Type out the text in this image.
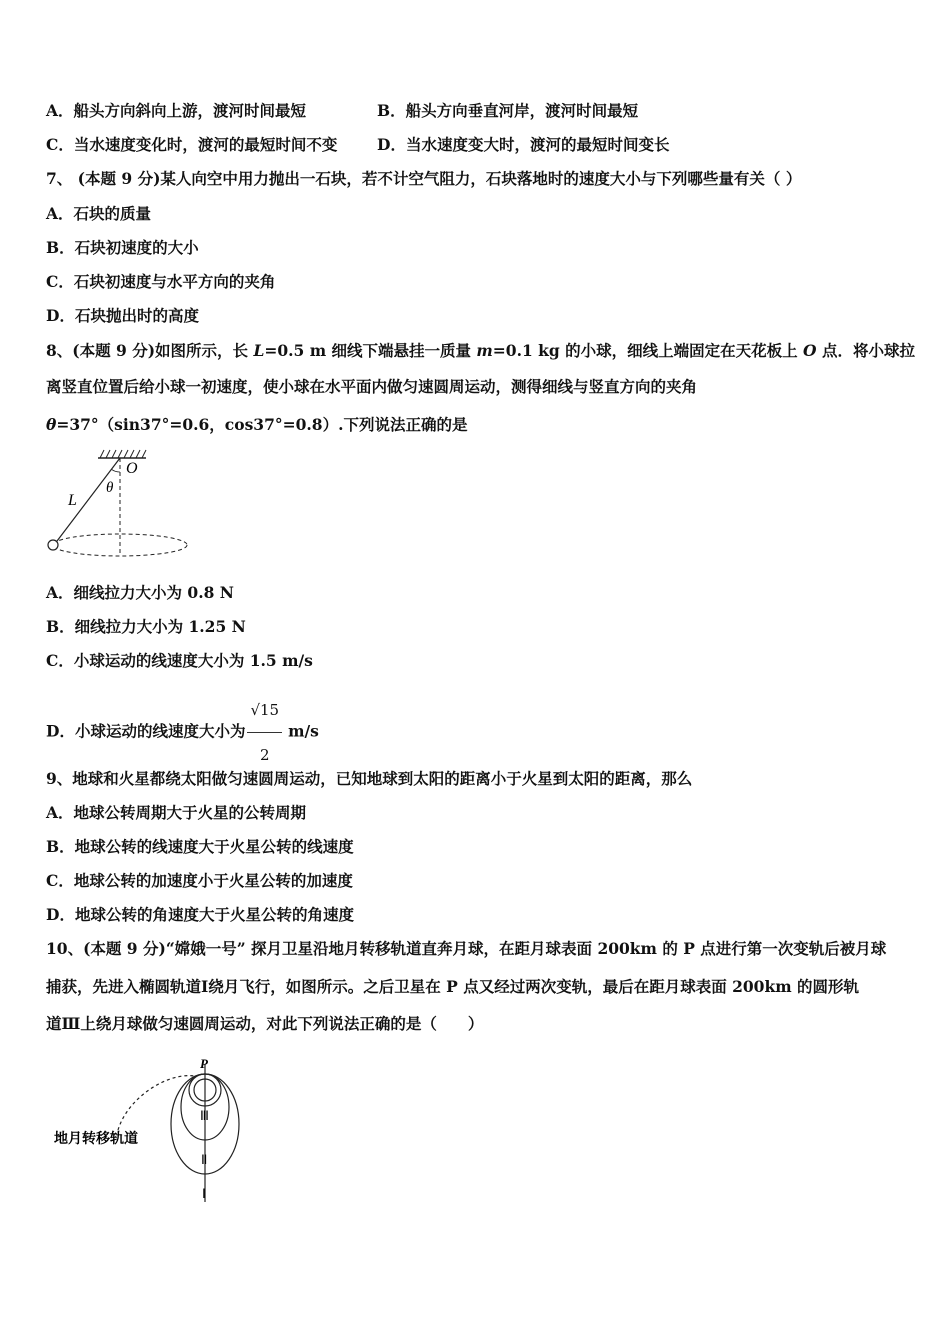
A．船头方向斜向上游，渡河时间最短	B．船头方向垂直河岸，渡河时间最短
C．当水速度变化时，渡河的最短时间不变	D．当水速度变大时，渡河的最短时间变长
7、 (本题 9 分)某人向空中用力抛出一石块，若不计空气阻力，石块落地时的速度大小与下列哪些量有关（ ）
A．石块的质量
B．石块初速度的大小
C．石块初速度与水平方向的夹角
D．石块抛出时的高度
8、(本题 9 分)如图所示，长 L=0.5 m 细线下端悬挂一质量 m=0.1 kg 的小球，细线上端固定在天花板上 O 点．将小球拉
离竖直位置后给小球一初速度，使小球在水平面内做匀速圆周运动，测得细线与竖直方向的夹角
θ=37°（sin37°=0.6，cos37°=0.8）.下列说法正确的是
O
θ
L
A．细线拉力大小为 0.8 N
B．细线拉力大小为 1.25 N
C．小球运动的线速度大小为 1.5 m/s
D．小球运动的线速度大小为 $\frac{√15}{2} m/s$
9、地球和火星都绕太阳做匀速圆周运动，已知地球到太阳的距离小于火星到太阳的距离，那么
A．地球公转周期大于火星的公转周期
B．地球公转的线速度大于火星公转的线速度
C．地球公转的加速度小于火星公转的加速度
D．地球公转的角速度大于火星公转的角速度
10、(本题 9 分)“嫦娥一号” 探月卫星沿地月转移轨道直奔月球，在距月球表面 200km 的 P 点进行第一次变轨后被月球
捕获，先进入椭圆轨道Ⅰ绕月飞行，如图所示。之后卫星在 P 点又经过两次变轨，最后在距月球表面 200km 的圆形轨
道Ⅲ上绕月球做匀速圆周运动，对此下列说法正确的是（　　）
P
地月转移轨道
Ⅲ
Ⅱ
Ⅰ
